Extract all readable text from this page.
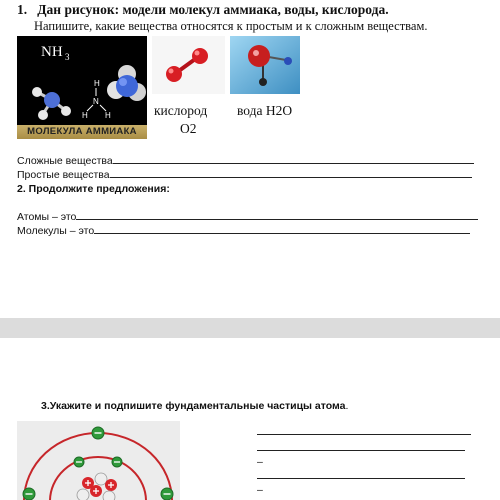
1. Дан рисунок: модели молекул аммиака, воды, кислорода.
Напишите, какие вещества относятся к простым и к сложным веществам.
NH 3
H
N
H H
МОЛЕКУЛА АММИАКА
кислород
O2
вода H2O
Сложные вещества
Простые вещества
2. Продолжите предложения:
Атомы – это
Молекулы – это
3.Укажите и подпишите фундаментальные частицы атома.
–
–
